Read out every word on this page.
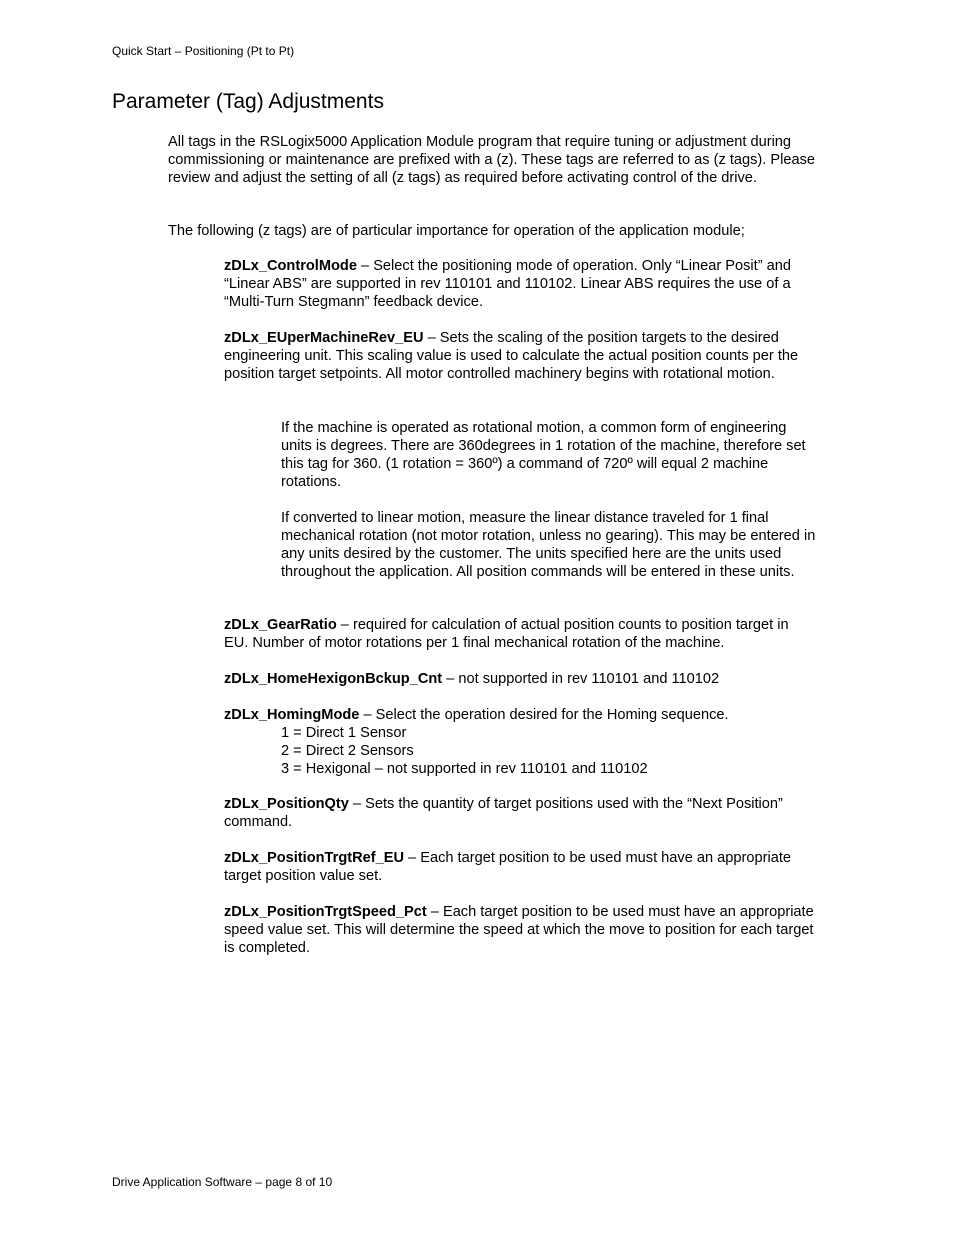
Quick Start – Positioning (Pt to Pt)
Parameter (Tag) Adjustments

All tags in the RSLogix5000 Application Module program that require tuning or adjustment during commissioning or maintenance are prefixed with a (z). These tags are referred to as (z tags). Please review and adjust the setting of all (z tags) as required before activating control of the drive.

The following (z tags) are of particular importance for operation of the application module;

zDLx_ControlMode – Select the positioning mode of operation. Only “Linear Posit” and “Linear ABS” are supported in rev 110101 and 110102. Linear ABS requires the use of a “Multi-Turn Stegmann” feedback device.

zDLx_EUperMachineRev_EU – Sets the scaling of the position targets to the desired engineering unit. This scaling value is used to calculate the actual position counts per the position target setpoints. All motor controlled machinery begins with rotational motion.

If the machine is operated as rotational motion, a common form of engineering units is degrees. There are 360degrees in 1 rotation of the machine, therefore set this tag for 360. (1 rotation = 360º) a command of 720º will equal 2 machine rotations.

If converted to linear motion, measure the linear distance traveled for 1 final mechanical rotation (not motor rotation, unless no gearing). This may be entered in any units desired by the customer. The units specified here are the units used throughout the application. All position commands will be entered in these units.

zDLx_GearRatio – required for calculation of actual position counts to position target in EU. Number of motor rotations per 1 final mechanical rotation of the machine.

zDLx_HomeHexigonBckup_Cnt – not supported in rev 110101 and 110102

zDLx_HomingMode – Select the operation desired for the Homing sequence.

1 = Direct 1 Sensor
2 = Direct 2 Sensors
3 = Hexigonal – not supported in rev 110101 and 110102

zDLx_PositionQty – Sets the quantity of target positions used with the “Next Position” command.

zDLx_PositionTrgtRef_EU – Each target position to be used must have an appropriate target position value set.

zDLx_PositionTrgtSpeed_Pct – Each target position to be used must have an appropriate speed value set. This will determine the speed at which the move to position for each target is completed.

Drive Application Software – page 8 of 10
